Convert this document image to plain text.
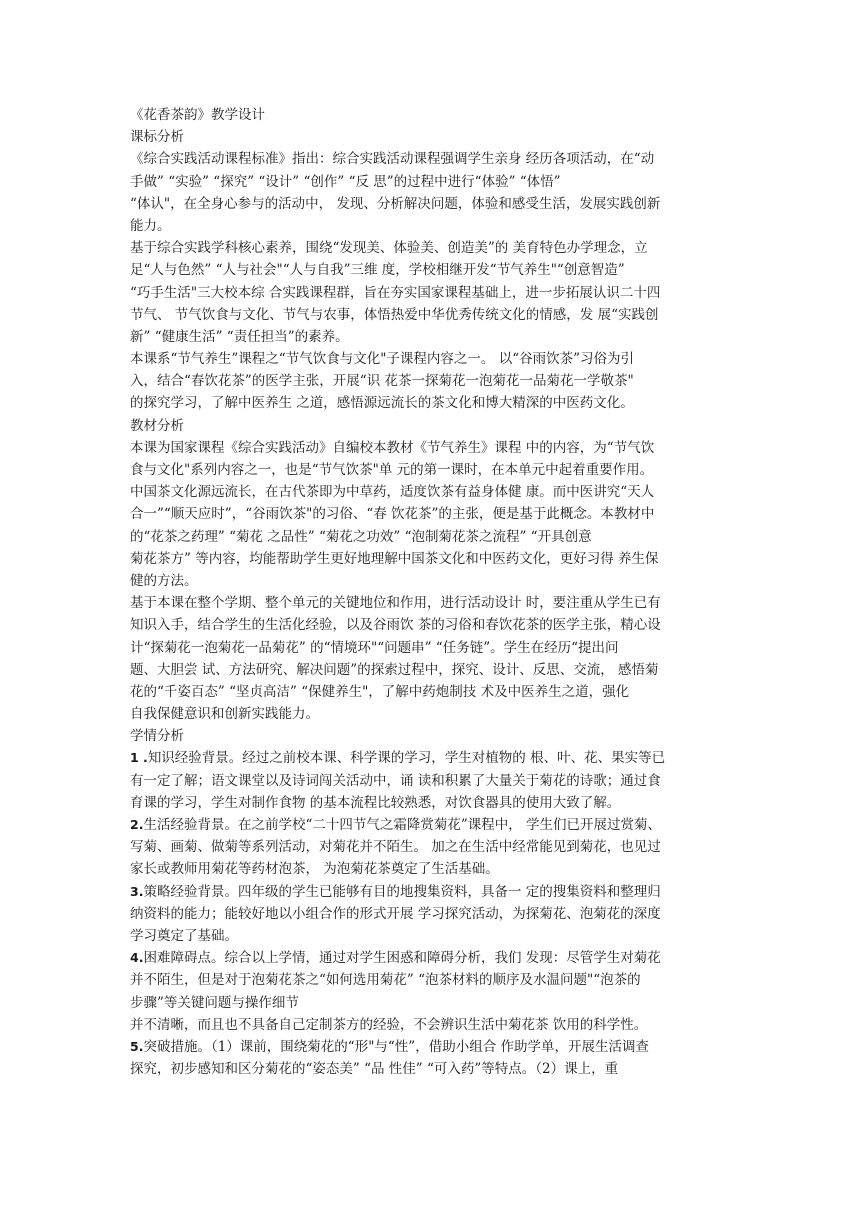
《花香茶韵》教学设计
课标分析
《综合实践活动课程标准》指出：综合实践活动课程强调学生亲身 经历各项活动，在“动
手做” “实验” “探究” “设计” “创作” “反 思”的过程中进行“体验” “体悟”
“体认"，在全身心参与的活动中， 发现、分析解决问题，体验和感受生活，发展实践创新
能力。
基于综合实践学科核心素养，围绕“发现美、体验美、创造美”的 美育特色办学理念，立
足“人与色然” “人与社会"“人与自我”三维 度，学校相继开发“节气养生"“创意智造”
“巧手生活"三大校本综 合实践课程群，旨在夯实国家课程基础上，进一步拓展认识二十四
节气、 节气饮食与文化、节气与农事，体悟热爱中华优秀传统文化的情感，发 展“实践创
新” “健康生活” “责任担当”的素养。
本课系“节气养生”课程之“节气饮食与文化"子课程内容之一。 以“谷雨饮茶”习俗为引
入，结合“春饮花茶”的医学主张，开展“识 花茶一探菊花一泡菊花一品菊花一学敬茶"
的探究学习，了解中医养生 之道，感悟源远流长的茶文化和博大精深的中医药文化。
教材分析
本课为国家课程《综合实践活动》自编校本教材《节气养生》课程 中的内容，为“节气饮
食与文化"系列内容之一，也是“节气饮茶"单 元的第一课时，在本单元中起着重要作用。
中国茶文化源远流长，在古代茶即为中草药，适度饮茶有益身体健 康。而中医讲究“天人
合一”“顺天应时”，“谷雨饮茶"的习俗、“春 饮花茶”的主张，便是基于此概念。本教材中
的“花茶之药理” “菊花 之品性” “菊花之功效” “泡制菊花茶之流程” “开具创意
菊花茶方” 等内容，均能帮助学生更好地理解中国茶文化和中医药文化，更好习得 养生保
健的方法。
基于本课在整个学期、整个单元的关键地位和作用，进行活动设计 时，要注重从学生已有
知识入手，结合学生的生活化经验，以及谷雨饮 茶的习俗和春饮花茶的医学主张，精心设
计“探菊花一泡菊花一品菊花” 的“情境环"“问题串” “任务链”。学生在经历“提出问
题、大胆尝 试、方法研究、解决问题”的探索过程中，探究、设计、反思、交流， 感悟菊
花的“千姿百态” “坚贞高洁” “保健养生"，了解中药炮制技 术及中医养生之道，强化
自我保健意识和创新实践能力。
学情分析
1 .知识经验背景。经过之前校本课、科学课的学习，学生对植物的 根、叶、花、果实等已
有一定了解；语文课堂以及诗词闯关活动中，诵 读和积累了大量关于菊花的诗歌；通过食
育课的学习，学生对制作食物 的基本流程比较熟悉，对饮食器具的使用大致了解。
2.生活经验背景。在之前学校“二十四节气之霜降赏菊花”课程中， 学生们已开展过赏菊、
写菊、画菊、做菊等系列活动，对菊花并不陌生。 加之在生活中经常能见到菊花，也见过
家长或教师用菊花等药材泡茶， 为泡菊花茶奠定了生活基础。
3.策略经验背景。四年级的学生已能够有目的地搜集资料，具备一 定的搜集资料和整理归
纳资料的能力；能较好地以小组合作的形式开展 学习探究活动，为探菊花、泡菊花的深度
学习奠定了基础。
4.困难障碍点。综合以上学情，通过对学生困惑和障碍分析，我们 发现：尽管学生对菊花
并不陌生，但是对于泡菊花茶之“如何选用菊花” “泡茶材料的顺序及水温问题"“泡茶的
步骤”等关键问题与操作细节
并不清晰，而且也不具备自己定制茶方的经验，不会辨识生活中菊花茶 饮用的科学性。
5.突破措施。（1）课前，围绕菊花的“形"与“性”，借助小组合 作助学单，开展生活调查
探究，初步感知和区分菊花的“姿态美” “品 性佳” “可入药”等特点。（2）课上，重
